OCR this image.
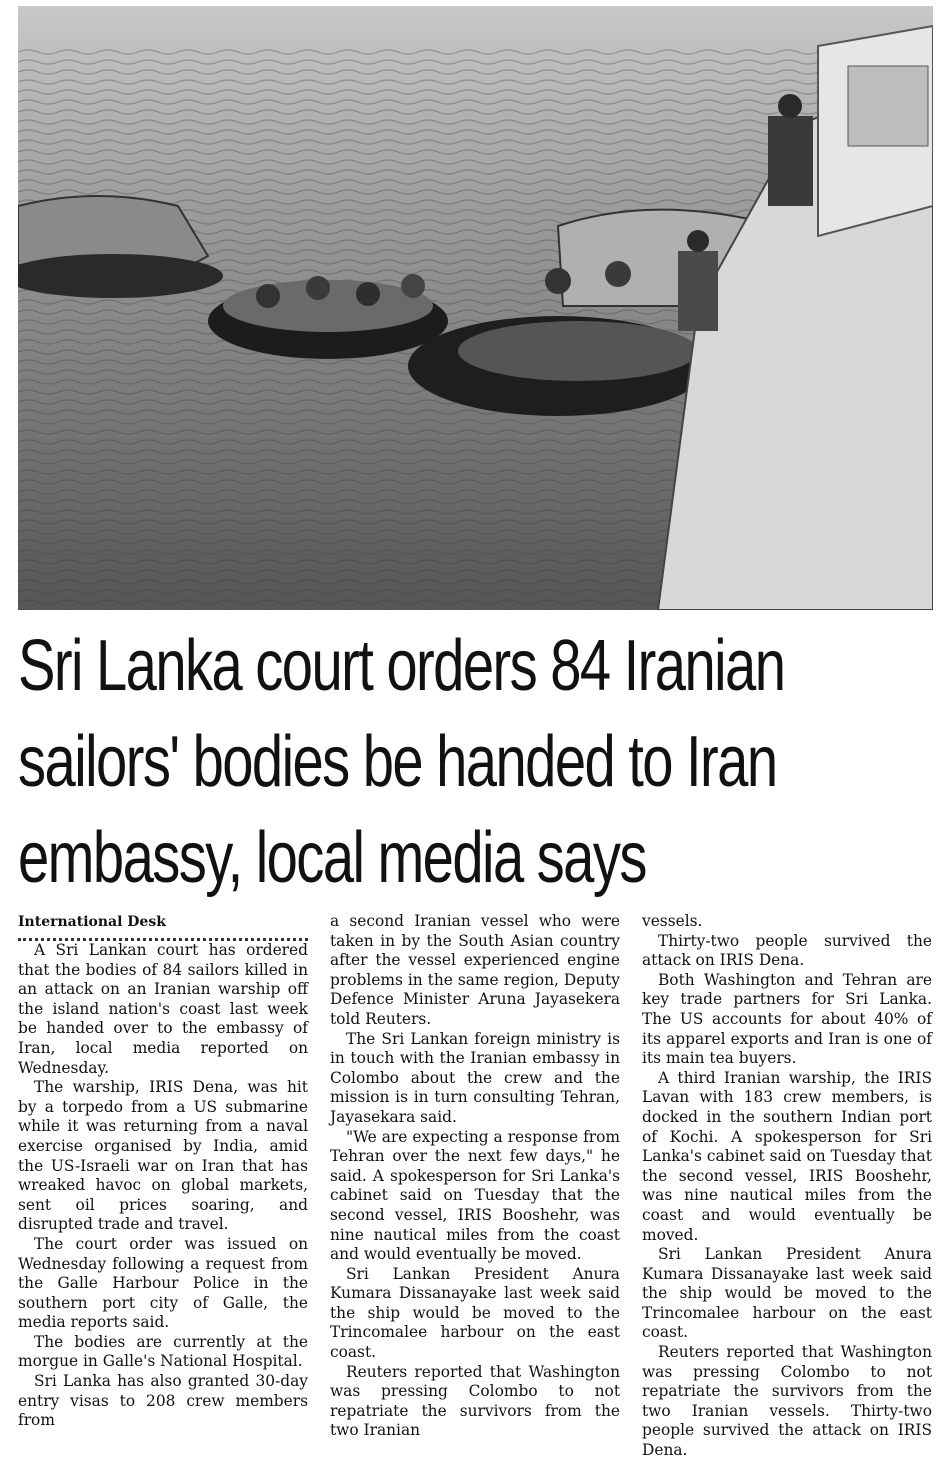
Sri Lanka court orders 84 Iranian
sailors' bodies be handed to Iran
embassy, local media says

International Desk

A Sri Lankan court has ordered that the bodies of 84 sailors killed in an attack on an Iranian warship off the island nation's coast last week be handed over to the embassy of Iran, local media reported on Wednesday.

The warship, IRIS Dena, was hit by a torpedo from a US submarine while it was returning from a naval exercise organised by India, amid the US-Israeli war on Iran that has wreaked havoc on global markets, sent oil prices soaring, and disrupted trade and travel.

The court order was issued on Wednesday following a request from the Galle Harbour Police in the southern port city of Galle, the media reports said.

The bodies are currently at the morgue in Galle's National Hospital.

Sri Lanka has also granted 30-day entry visas to 208 crew members from

a second Iranian vessel who were taken in by the South Asian country after the vessel experienced engine problems in the same region, Deputy Defence Minister Aruna Jayasekera told Reuters.

The Sri Lankan foreign ministry is in touch with the Iranian embassy in Colombo about the crew and the mission is in turn consulting Tehran, Jayasekara said.

"We are expecting a response from Tehran over the next few days," he said. A spokesperson for Sri Lanka's cabinet said on Tuesday that the second vessel, IRIS Booshehr, was nine nautical miles from the coast and would eventually be moved.

Sri Lankan President Anura Kumara Dissanayake last week said the ship would be moved to the Trincomalee harbour on the east coast.

Reuters reported that Washington was pressing Colombo to not repatriate the survivors from the two Iranian

vessels.

Thirty-two people survived the attack on IRIS Dena.

Both Washington and Tehran are key trade partners for Sri Lanka. The US accounts for about 40% of its apparel exports and Iran is one of its main tea buyers.

A third Iranian warship, the IRIS Lavan with 183 crew members, is docked in the southern Indian port of Kochi. A spokesperson for Sri Lanka's cabinet said on Tuesday that the second vessel, IRIS Booshehr, was nine nautical miles from the coast and would eventually be moved.

Sri Lankan President Anura Kumara Dissanayake last week said the ship would be moved to the Trincomalee harbour on the east coast.

Reuters reported that Washington was pressing Colombo to not repatriate the survivors from the two Iranian vessels. Thirty-two people survived the attack on IRIS Dena.
